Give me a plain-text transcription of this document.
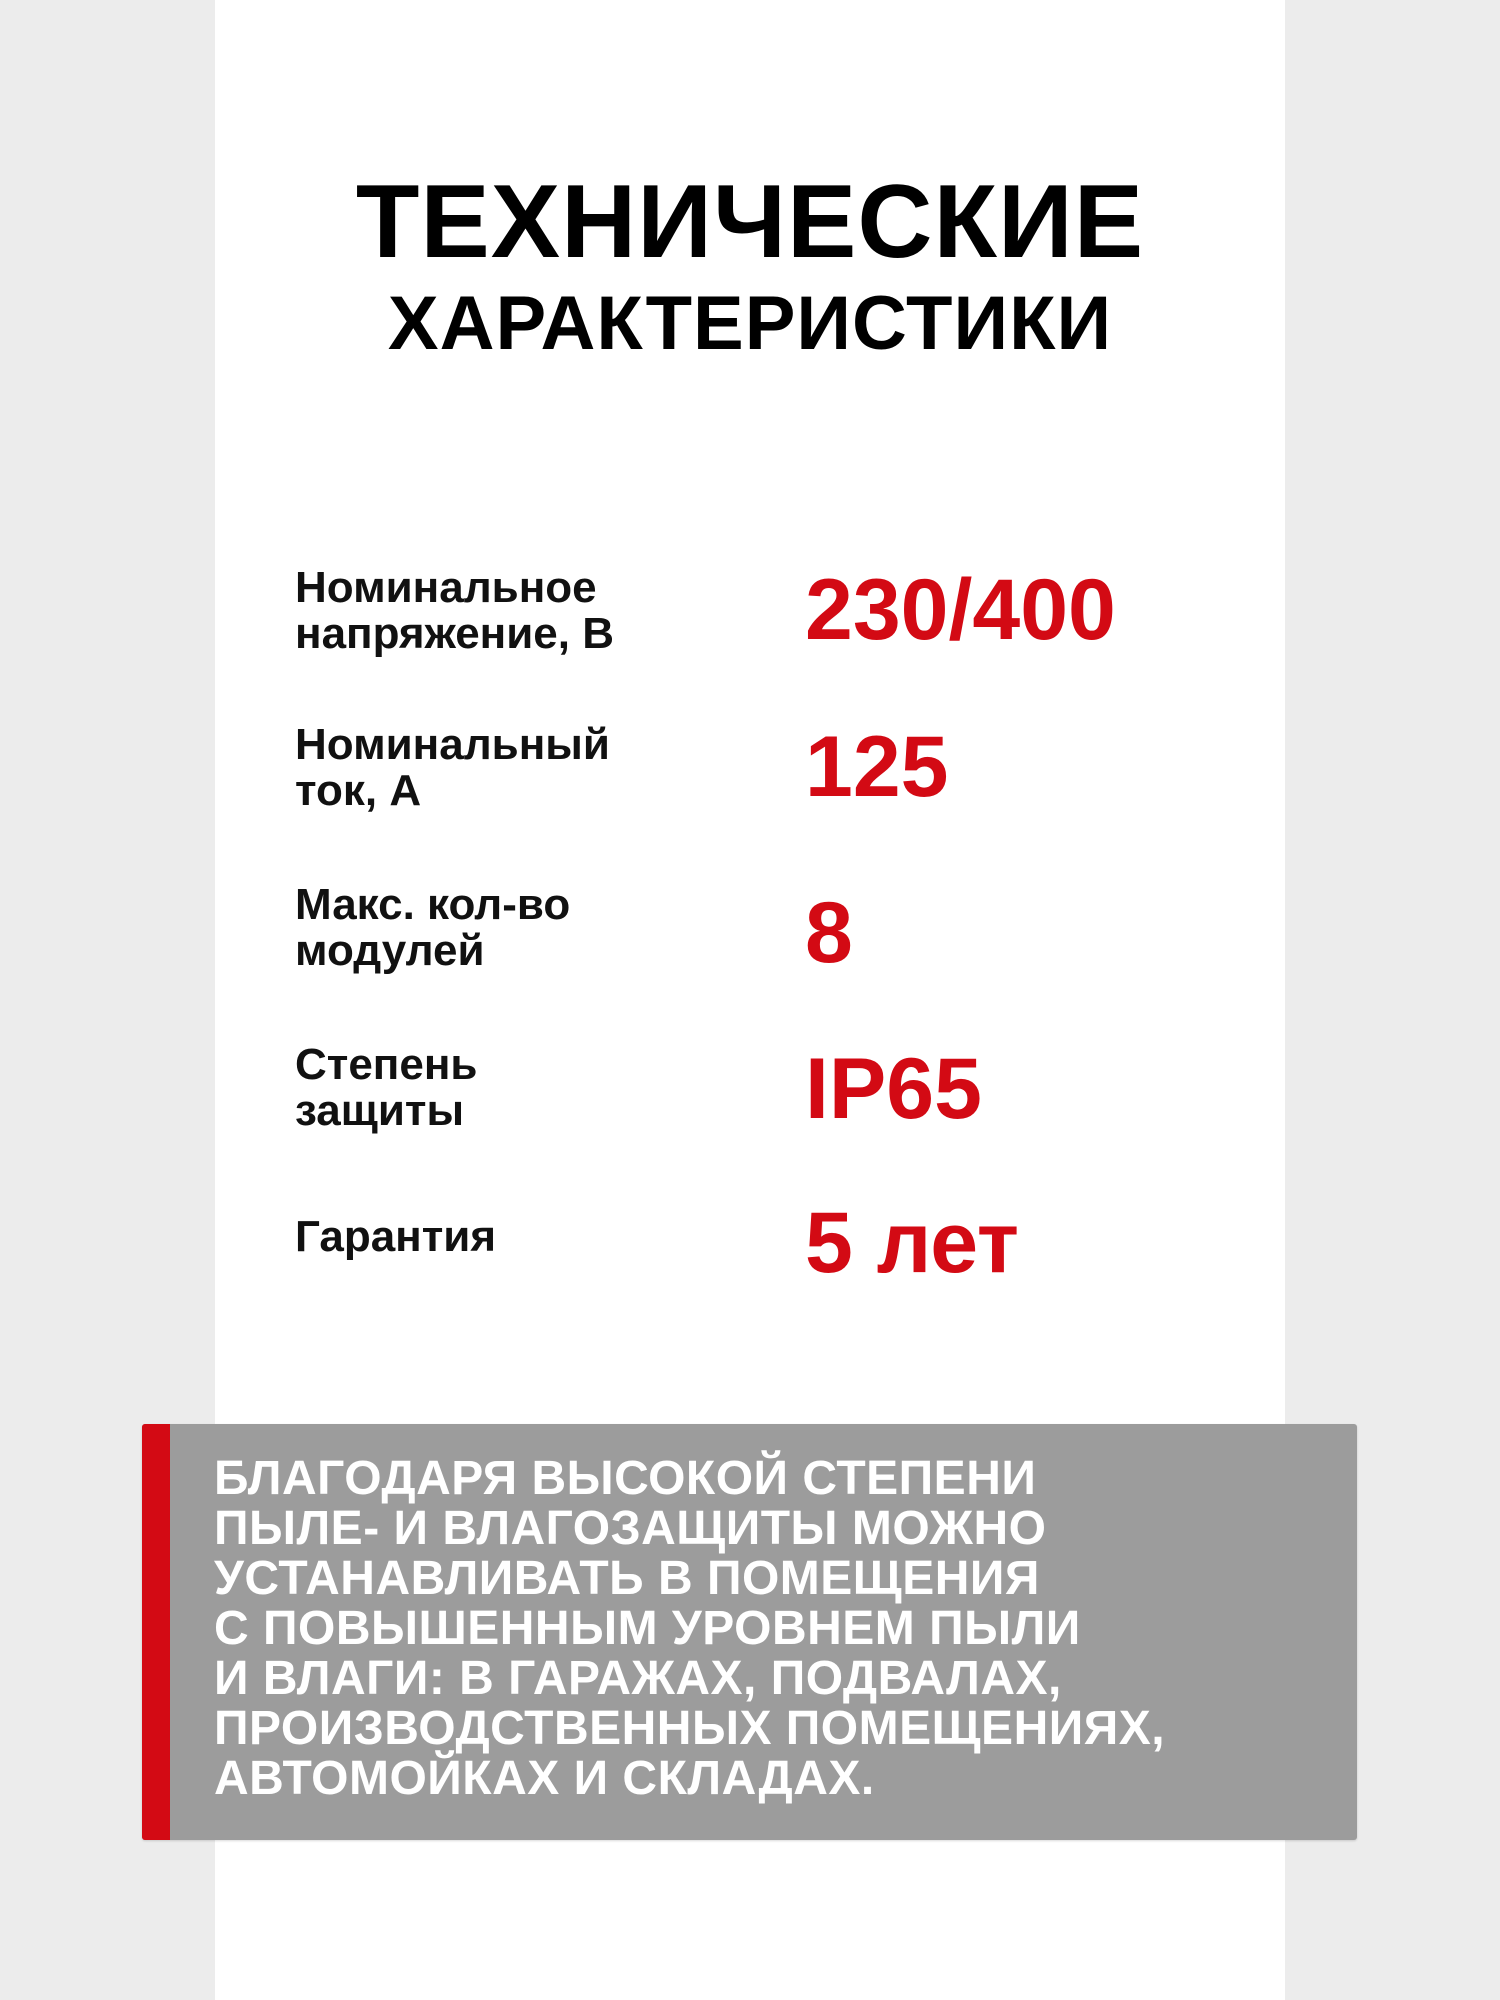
ТЕХНИЧЕСКИЕ
ХАРАКТЕРИСТИКИ
Номинальное
напряжение, В	230/400
Номинальный
ток, А	125
Макс. кол-во
модулей	8
Степень
защиты	IP65
Гарантия	5 лет
БЛАГОДАРЯ ВЫСОКОЙ СТЕПЕНИ
ПЫЛЕ- И ВЛАГОЗАЩИТЫ МОЖНО
УСТАНАВЛИВАТЬ В ПОМЕЩЕНИЯ
С ПОВЫШЕННЫМ УРОВНЕМ ПЫЛИ
И ВЛАГИ: В ГАРАЖАХ, ПОДВАЛАХ,
ПРОИЗВОДСТВЕННЫХ ПОМЕЩЕНИЯХ,
АВТОМОЙКАХ И СКЛАДАХ.
